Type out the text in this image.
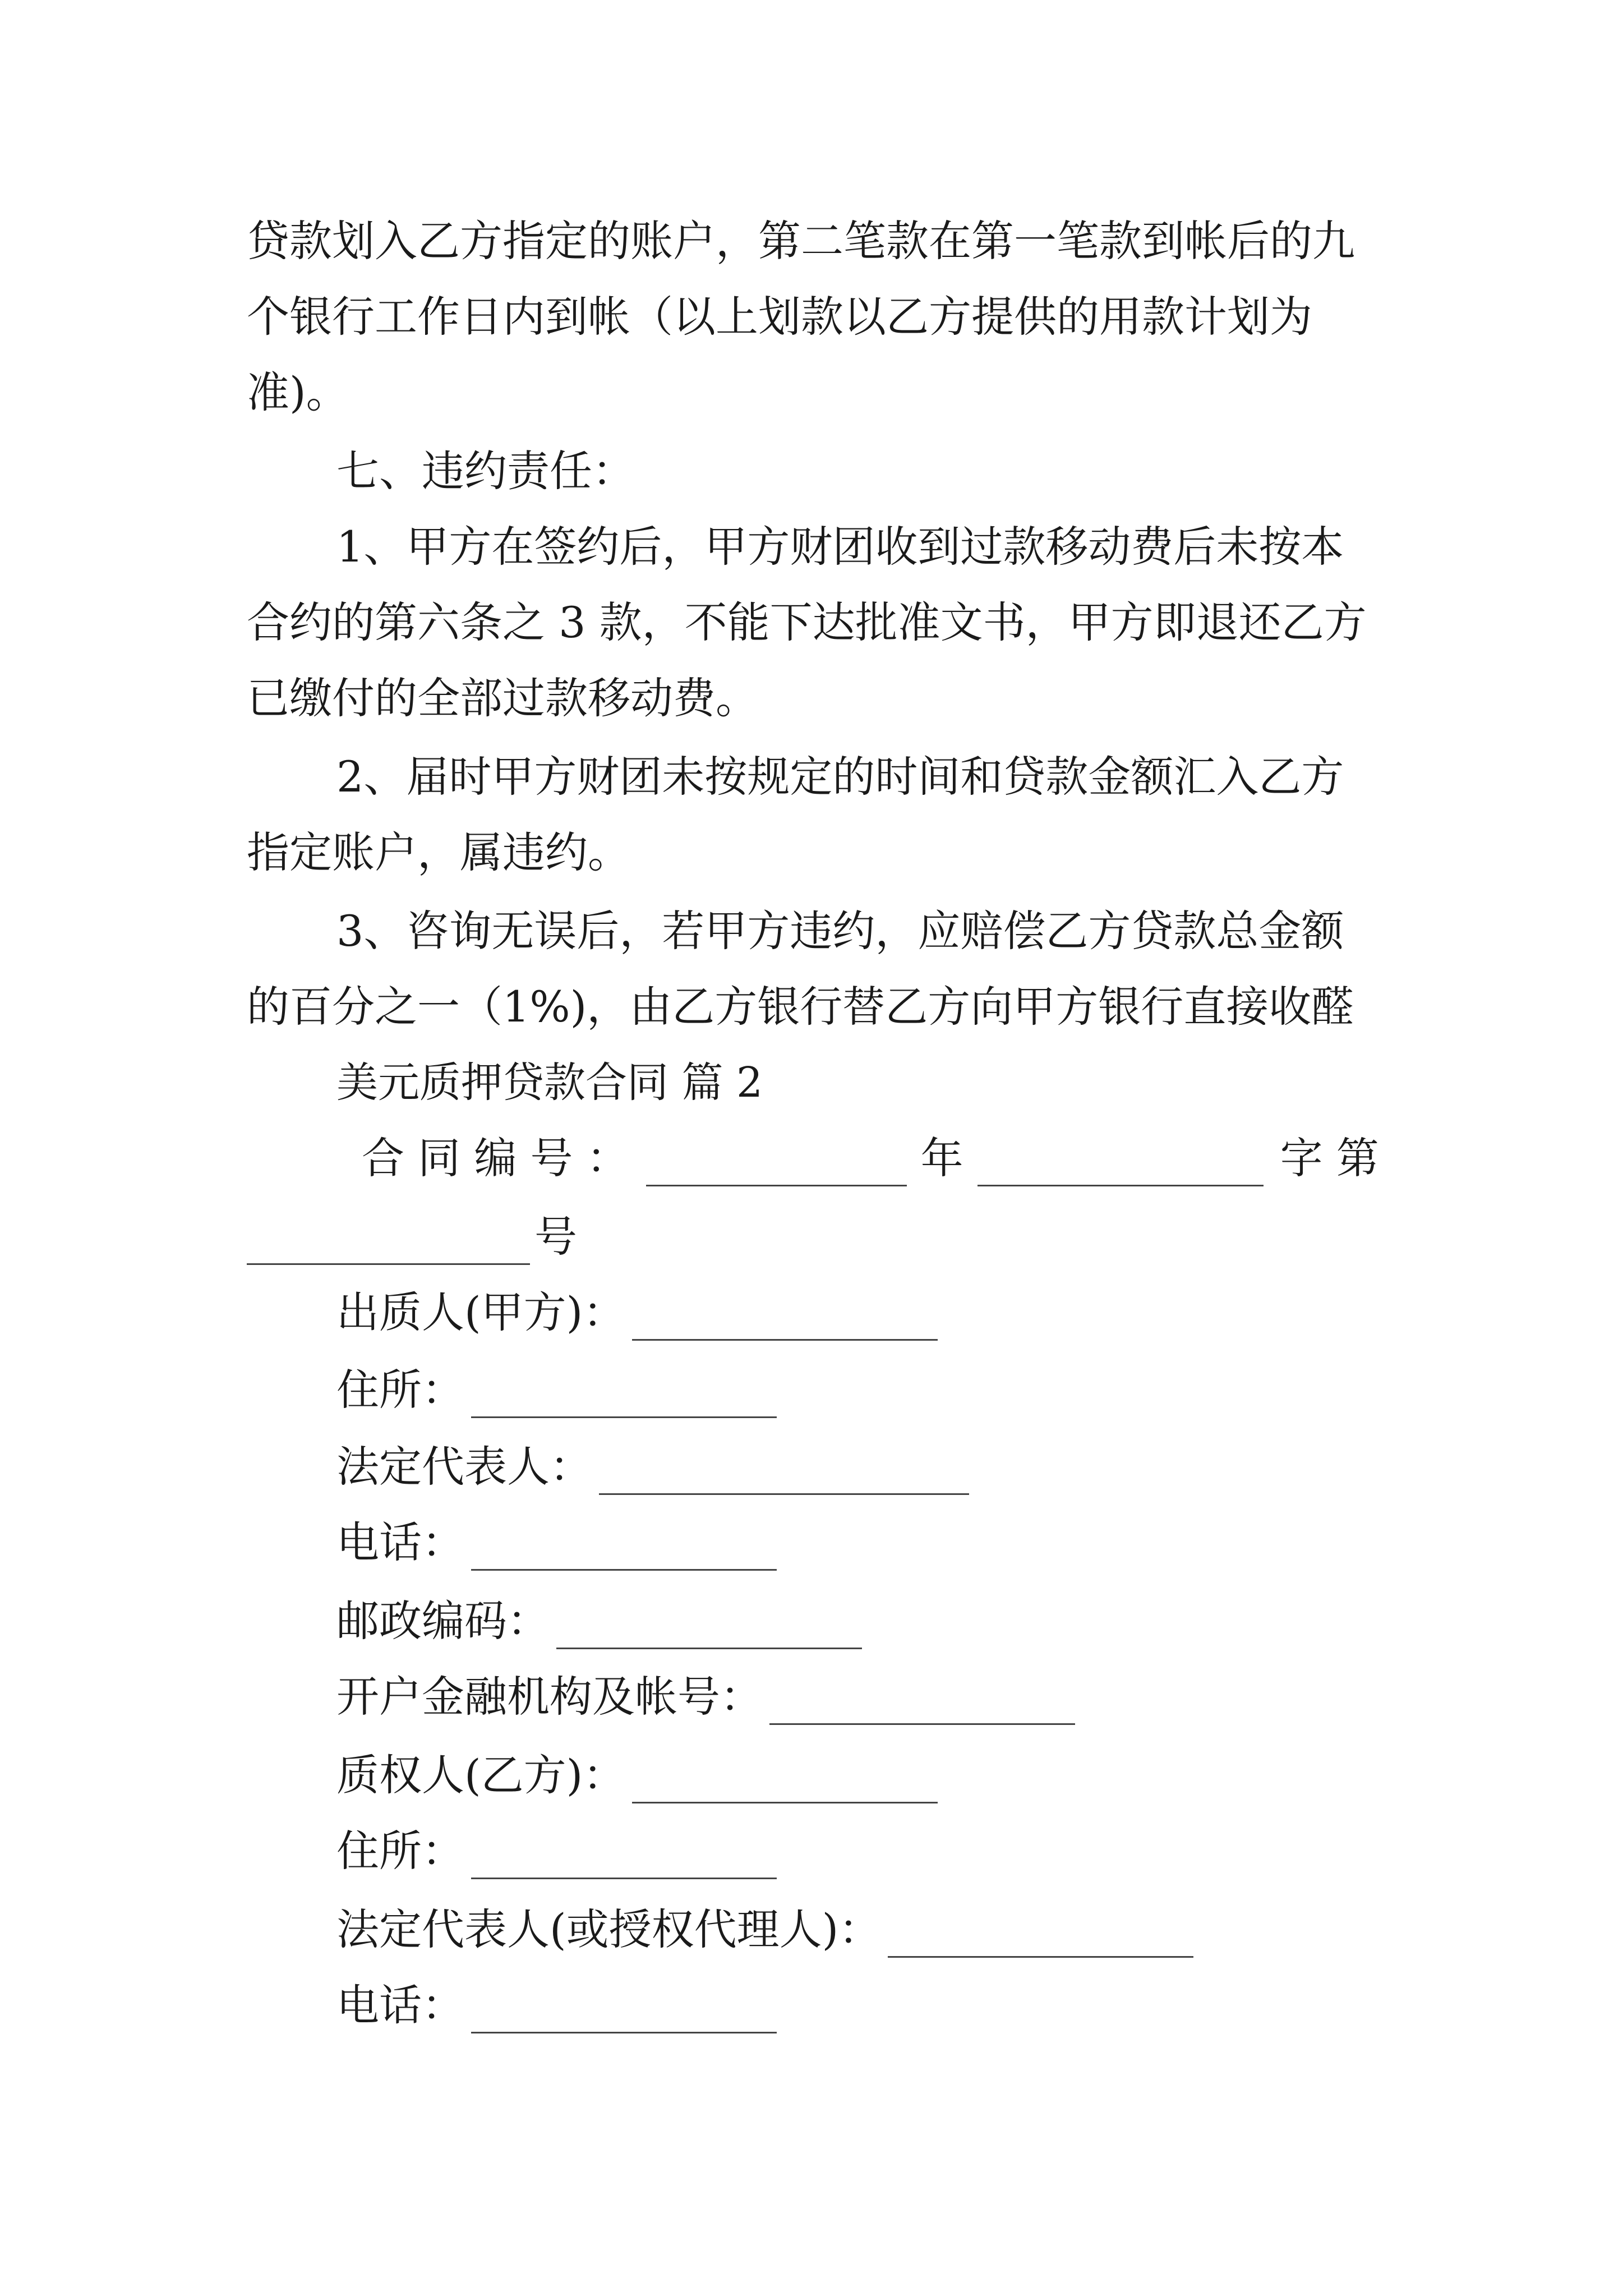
贷款划入乙方指定的账户，第二笔款在第一笔款到帐后的九
个银行工作日内到帐（以上划款以乙方提供的用款计划为
准)。
七、违约责任：
1、甲方在签约后，甲方财团收到过款移动费后未按本
合约的第六条之 3 款，不能下达批准文书，甲方即退还乙方
已缴付的全部过款移动费。
2、届时甲方财团未按规定的时间和贷款金额汇入乙方
指定账户，属违约。
3、咨询无误后，若甲方违约，应赔偿乙方贷款总金额
的百分之一（1%)，由乙方银行替乙方向甲方银行直接收醛
美元质押贷款合同 篇 2
合 同 编 号 ：	年	字 第
号
出质人(甲方)：
住所：
法定代表人：
电话：
邮政编码：
开户金融机构及帐号：
质权人(乙方)：
住所：
法定代表人(或授权代理人)：
电话：
